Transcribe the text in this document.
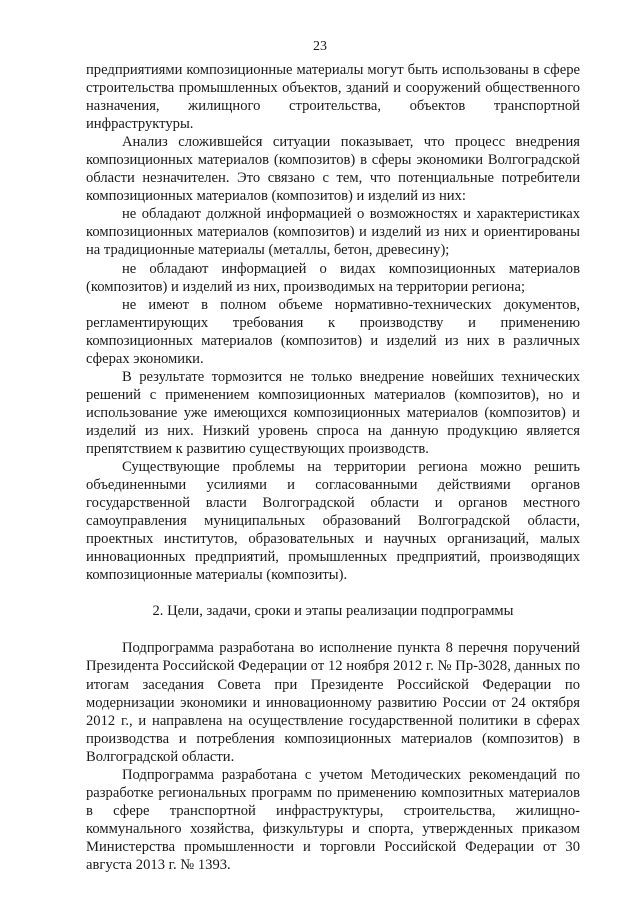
23

предприятиями композиционные материалы могут быть использованы в сфере строительства промышленных объектов, зданий и сооружений общественного назначения, жилищного строительства, объектов транспортной инфраструктуры.

Анализ сложившейся ситуации показывает, что процесс внедрения композиционных материалов (композитов) в сферы экономики Волгоградской области незначителен. Это связано с тем, что потенциальные потребители композиционных материалов (композитов) и изделий из них:

не обладают должной информацией о возможностях и характеристиках композиционных материалов (композитов) и изделий из них и ориентированы на традиционные материалы (металлы, бетон, древесину);

не обладают информацией о видах композиционных материалов (композитов) и изделий из них, производимых на территории региона;

не имеют в полном объеме нормативно-технических документов, регламентирующих требования к производству и применению композиционных материалов (композитов) и изделий из них в различных сферах экономики.

В результате тормозится не только внедрение новейших технических решений с применением композиционных материалов (композитов), но и использование уже имеющихся композиционных материалов (композитов) и изделий из них. Низкий уровень спроса на данную продукцию является препятствием к развитию существующих производств.

Существующие проблемы на территории региона можно решить объединенными усилиями и согласованными действиями органов государственной власти Волгоградской области и органов местного самоуправления муниципальных образований Волгоградской области, проектных институтов, образовательных и научных организаций, малых инновационных предприятий, промышленных предприятий, производящих композиционные материалы (композиты).

2. Цели, задачи, сроки и этапы реализации подпрограммы

Подпрограмма разработана во исполнение пункта 8 перечня поручений Президента Российской Федерации от 12 ноября 2012 г. № Пр-3028, данных по итогам заседания Совета при Президенте Российской Федерации по модернизации экономики и инновационному развитию России от 24 октября 2012 г., и направлена на осуществление государственной политики в сферах производства и потребления композиционных материалов (композитов) в Волгоградской области.

Подпрограмма разработана с учетом Методических рекомендаций по разработке региональных программ по применению композитных материалов в сфере транспортной инфраструктуры, строительства, жилищно-коммунального хозяйства, физкультуры и спорта, утвержденных приказом Министерства промышленности и торговли Российской Федерации от 30 августа 2013 г. № 1393.
